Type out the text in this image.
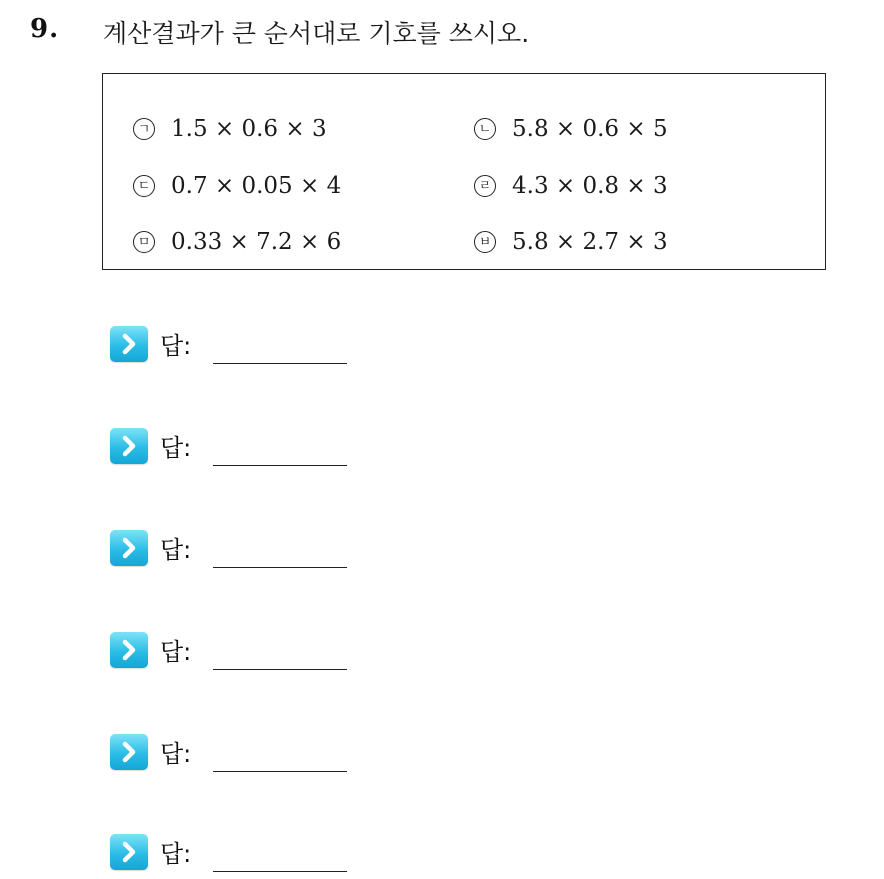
9. 계산결과가 큰 순서대로 기호를 쓰시오.
ㄱ 1.5 × 0.6 × 3	ㄴ 5.8 × 0.6 × 5
ㄷ 0.7 × 0.05 × 4	ㄹ 4.3 × 0.8 × 3
ㅁ 0.33 × 7.2 × 6	ㅂ 5.8 × 2.7 × 3
답:
답:
답:
답:
답:
답:
